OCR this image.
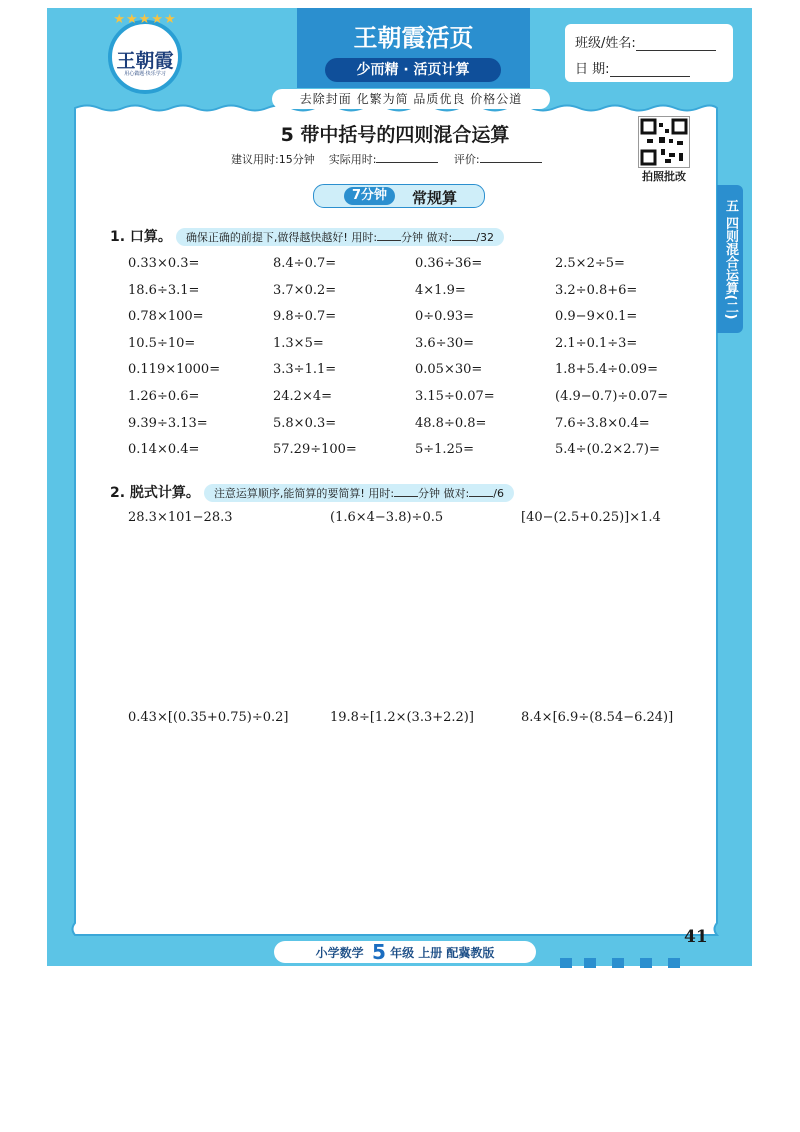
★★★★★
王朝霞
用心做题·快乐学习
王朝霞活页
少而精 · 活页计算
班级/姓名:
日 期:
去除封面 化繁为简 品质优良 价格公道
5 带中括号的四则混合运算
建议用时:15分钟 实际用时:	评价:
拍照批改
7分钟	常规算
1. 口算。 确保正确的前提下,做得越快越好! 用时: 分钟 做对: /32
0.33×0.3=	8.4÷0.7=	0.36÷36=	2.5×2÷5=
18.6÷3.1=	3.7×0.2=	4×1.9=	3.2÷0.8+6=
0.78×100=	9.8÷0.7=	0÷0.93=	0.9−9×0.1=
10.5÷10=	1.3×5=	3.6÷30=	2.1÷0.1÷3=
0.119×1000=	3.3÷1.1=	0.05×30=	1.8+5.4÷0.09=
1.26÷0.6=	24.2×4=	3.15÷0.07=	(4.9−0.7)÷0.07=
9.39÷3.13=	5.8×0.3=	48.8÷0.8=	7.6÷3.8×0.4=
0.14×0.4=	57.29÷100=	5÷1.25=	5.4÷(0.2×2.7)=
2. 脱式计算。 注意运算顺序,能简算的要简算! 用时: 分钟 做对: /6
28.3×101−28.3	(1.6×4−3.8)÷0.5	[40−(2.5+0.25)]×1.4
0.43×[(0.35+0.75)÷0.2]	19.8÷[1.2×(3.3+2.2)]	8.4×[6.9÷(8.54−6.24)]
五 四则混合运算(二)
小学数学 5 年级 上册 配冀教版
41
